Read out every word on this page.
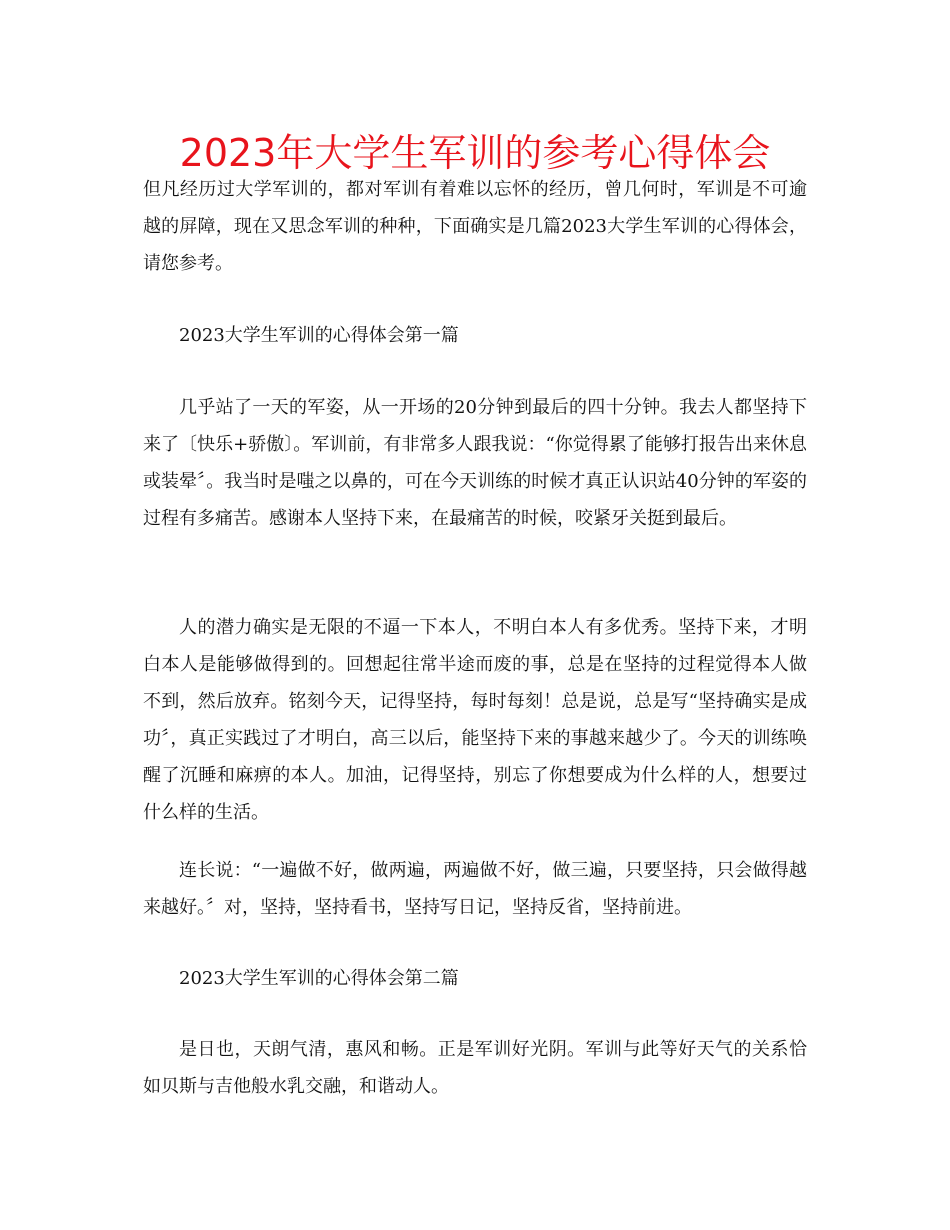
2023年大学生军训的参考心得体会

但凡经历过大学军训的，都对军训有着难以忘怀的经历，曾几何时，军训是不可逾越的屏障，现在又思念军训的种种，下面确实是几篇2023大学生军训的心得体会，请您参考。

2023大学生军训的心得体会第一篇

几乎站了一天的军姿，从一开场的20分钟到最后的四十分钟。我去人都坚持下来了〔快乐+骄傲〕。军训前，有非常多人跟我说：“你觉得累了能够打报告出来休息或装晕〞。我当时是嗤之以鼻的，可在今天训练的时候才真正认识站40分钟的军姿的过程有多痛苦。感谢本人坚持下来，在最痛苦的时候，咬紧牙关挺到最后。

人的潜力确实是无限的不逼一下本人，不明白本人有多优秀。坚持下来，才明白本人是能够做得到的。回想起往常半途而废的事，总是在坚持的过程觉得本人做不到，然后放弃。铭刻今天，记得坚持，每时每刻！总是说，总是写“坚持确实是成功〞，真正实践过了才明白，高三以后，能坚持下来的事越来越少了。今天的训练唤醒了沉睡和麻痹的本人。加油，记得坚持，别忘了你想要成为什么样的人，想要过什么样的生活。

连长说：“一遍做不好，做两遍，两遍做不好，做三遍，只要坚持，只会做得越来越好。〞对，坚持，坚持看书，坚持写日记，坚持反省，坚持前进。

2023大学生军训的心得体会第二篇

是日也，天朗气清，惠风和畅。正是军训好光阴。军训与此等好天气的关系恰如贝斯与吉他般水乳交融，和谐动人。
